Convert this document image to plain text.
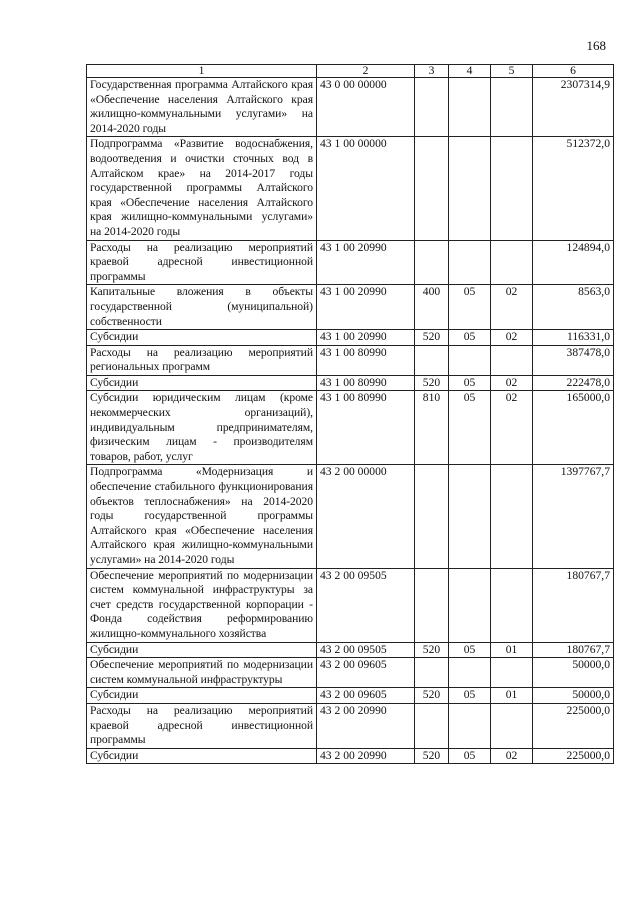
168
1	2	3	4	5	6
Государственная программа Алтайского края «Обеспечение населения Алтайского края жилищно-коммунальными услугами» на 2014-2020 годы	43 0 00 00000				2307314,9
Подпрограмма «Развитие водоснабжения, водоотведения и очистки сточных вод в Алтайском крае» на 2014-2017 годы государственной программы Алтайского края «Обеспечение населения Алтайского края жилищно-коммунальными услугами» на 2014-2020 годы	43 1 00 00000				512372,0
Расходы на реализацию мероприятий краевой адресной инвестиционной программы	43 1 00 20990				124894,0
Капитальные вложения в объекты государственной (муниципальной) собственности	43 1 00 20990	400	05	02	8563,0
Субсидии	43 1 00 20990	520	05	02	116331,0
Расходы на реализацию мероприятий региональных программ	43 1 00 80990				387478,0
Субсидии	43 1 00 80990	520	05	02	222478,0
Субсидии юридическим лицам (кроме некоммерческих организаций), индивидуальным предпринимателям, физическим лицам - производителям товаров, работ, услуг	43 1 00 80990	810	05	02	165000,0
Подпрограмма «Модернизация и обеспечение стабильного функционирования объектов теплоснабжения» на 2014-2020 годы государственной программы Алтайского края «Обеспечение населения Алтайского края жилищно-коммунальными услугами» на 2014-2020 годы	43 2 00 00000				1397767,7
Обеспечение мероприятий по модернизации систем коммунальной инфраструктуры за счет средств государственной корпорации - Фонда содействия реформированию жилищно-коммунального хозяйства	43 2 00 09505				180767,7
Субсидии	43 2 00 09505	520	05	01	180767,7
Обеспечение мероприятий по модернизации систем коммунальной инфраструктуры	43 2 00 09605				50000,0
Субсидии	43 2 00 09605	520	05	01	50000,0
Расходы на реализацию мероприятий краевой адресной инвестиционной программы	43 2 00 20990				225000,0
Субсидии	43 2 00 20990	520	05	02	225000,0
